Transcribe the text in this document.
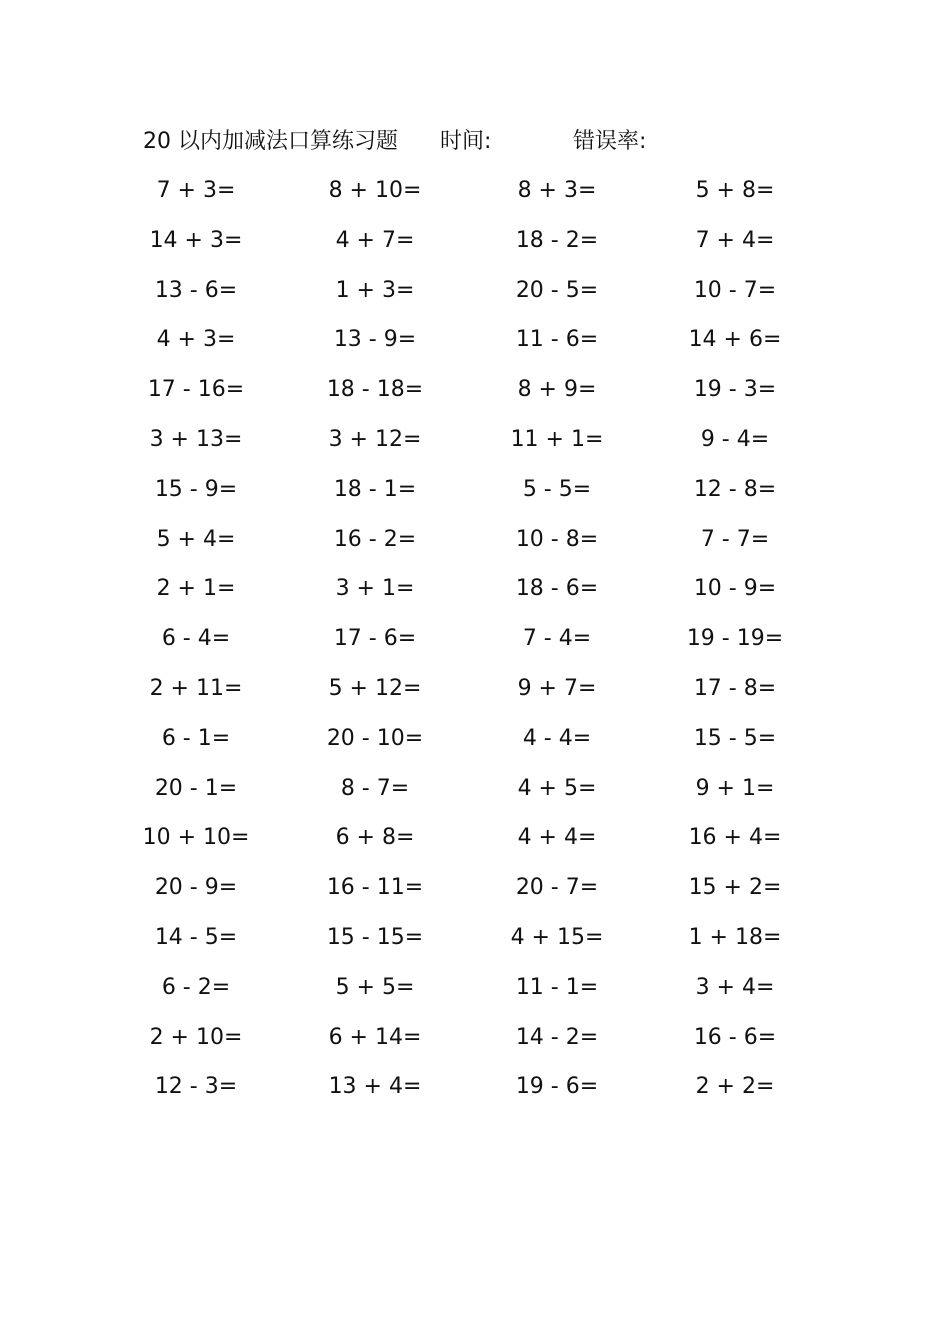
20 以内加减法口算练习题 时间:	错误率:
7 + 3=	8 + 10=	8 + 3=	5 + 8=
14 + 3=	4 + 7=	18 - 2=	7 + 4=
13 - 6=	1 + 3=	20 - 5=	10 - 7=
4 + 3=	13 - 9=	11 - 6=	14 + 6=
17 - 16=	18 - 18=	8 + 9=	19 - 3=
3 + 13=	3 + 12=	11 + 1=	9 - 4=
15 - 9=	18 - 1=	5 - 5=	12 - 8=
5 + 4=	16 - 2=	10 - 8=	7 - 7=
2 + 1=	3 + 1=	18 - 6=	10 - 9=
6 - 4=	17 - 6=	7 - 4=	19 - 19=
2 + 11=	5 + 12=	9 + 7=	17 - 8=
6 - 1=	20 - 10=	4 - 4=	15 - 5=
20 - 1=	8 - 7=	4 + 5=	9 + 1=
10 + 10=	6 + 8=	4 + 4=	16 + 4=
20 - 9=	16 - 11=	20 - 7=	15 + 2=
14 - 5=	15 - 15=	4 + 15=	1 + 18=
6 - 2=	5 + 5=	11 - 1=	3 + 4=
2 + 10=	6 + 14=	14 - 2=	16 - 6=
12 - 3=	13 + 4=	19 - 6=	2 + 2=
